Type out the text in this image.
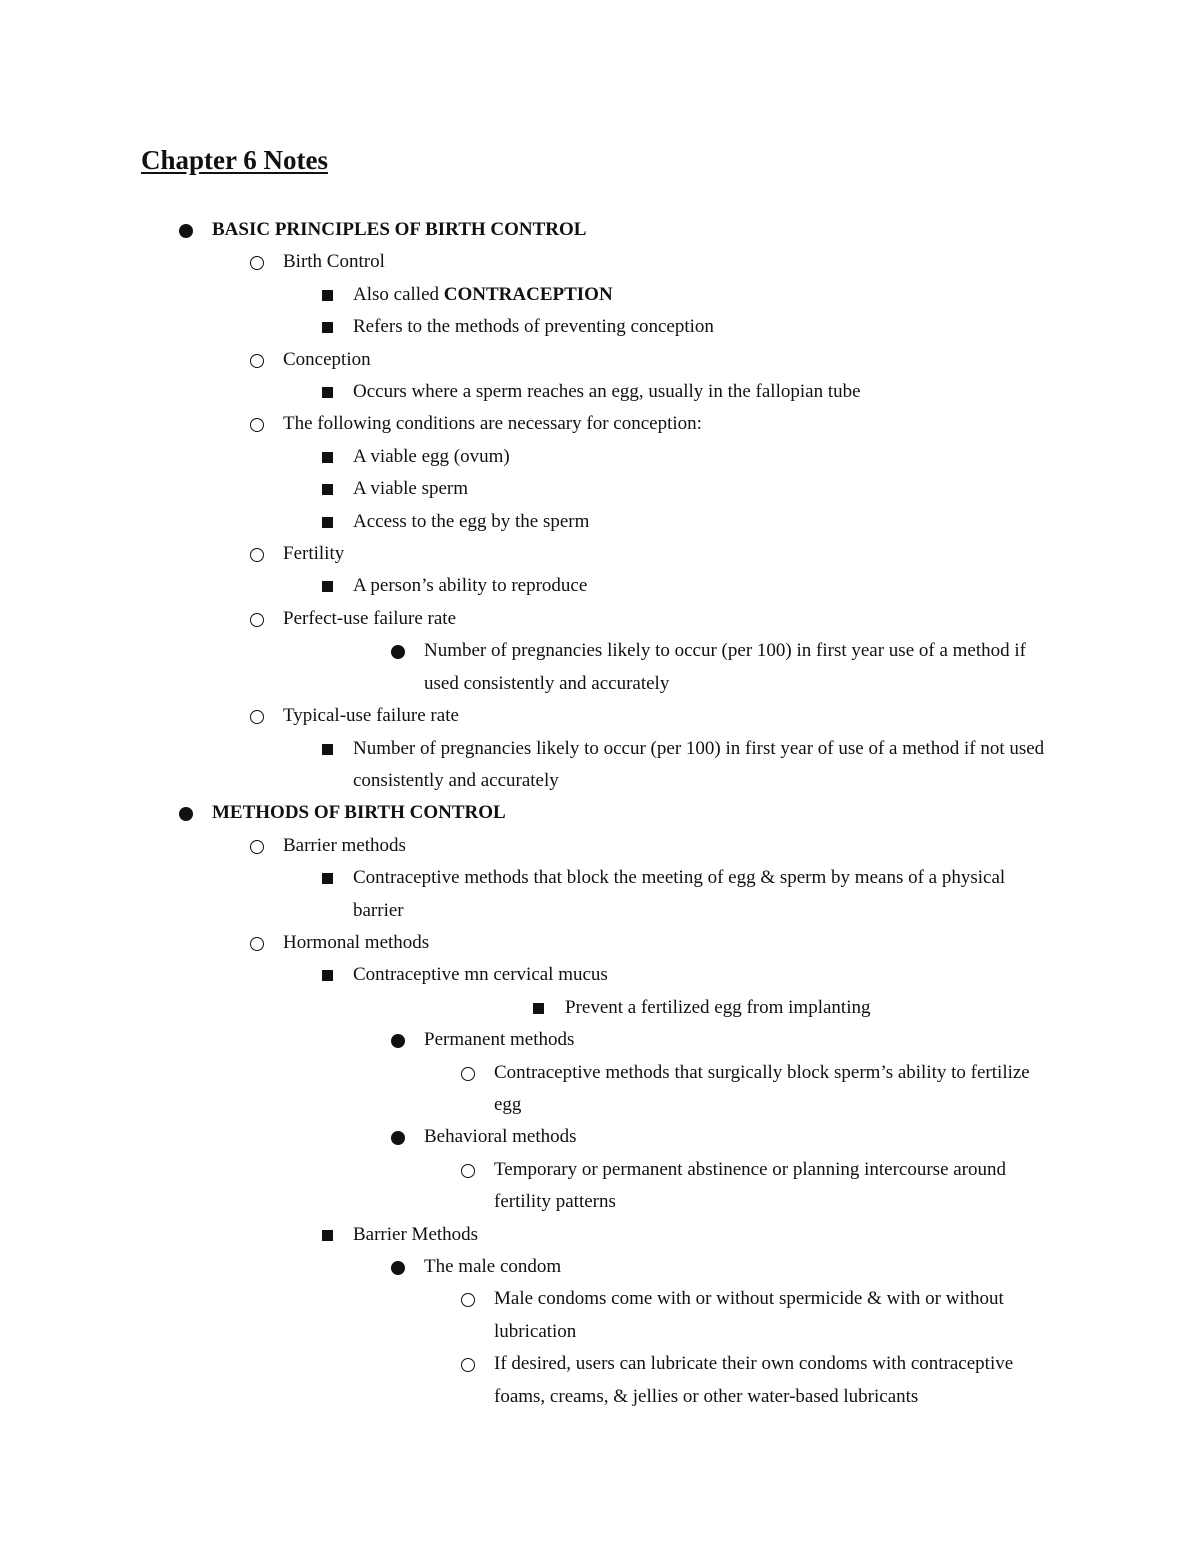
Chapter 6 Notes
BASIC PRINCIPLES OF BIRTH CONTROL
Birth Control
Also called CONTRACEPTION
Refers to the methods of preventing conception
Conception
Occurs where a sperm reaches an egg, usually in the fallopian tube
The following conditions are necessary for conception:
A viable egg (ovum)
A viable sperm
Access to the egg by the sperm
Fertility
A person’s ability to reproduce
Perfect-use failure rate
Number of pregnancies likely to occur (per 100) in first year use of a method if used consistently and accurately
Typical-use failure rate
Number of pregnancies likely to occur (per 100) in first year of use of a method if not used consistently and accurately
METHODS OF BIRTH CONTROL
Barrier methods
Contraceptive methods that block the meeting of egg & sperm by means of a physical barrier
Hormonal methods
Contraceptive mn cervical mucus
Prevent a fertilized egg from implanting
Permanent methods
Contraceptive methods that surgically block sperm’s ability to fertilize egg
Behavioral methods
Temporary or permanent abstinence or planning intercourse around fertility patterns
Barrier Methods
The male condom
Male condoms come with or without spermicide & with or without lubrication
If desired, users can lubricate their own condoms with contraceptive foams, creams, & jellies or other water-based lubricants
